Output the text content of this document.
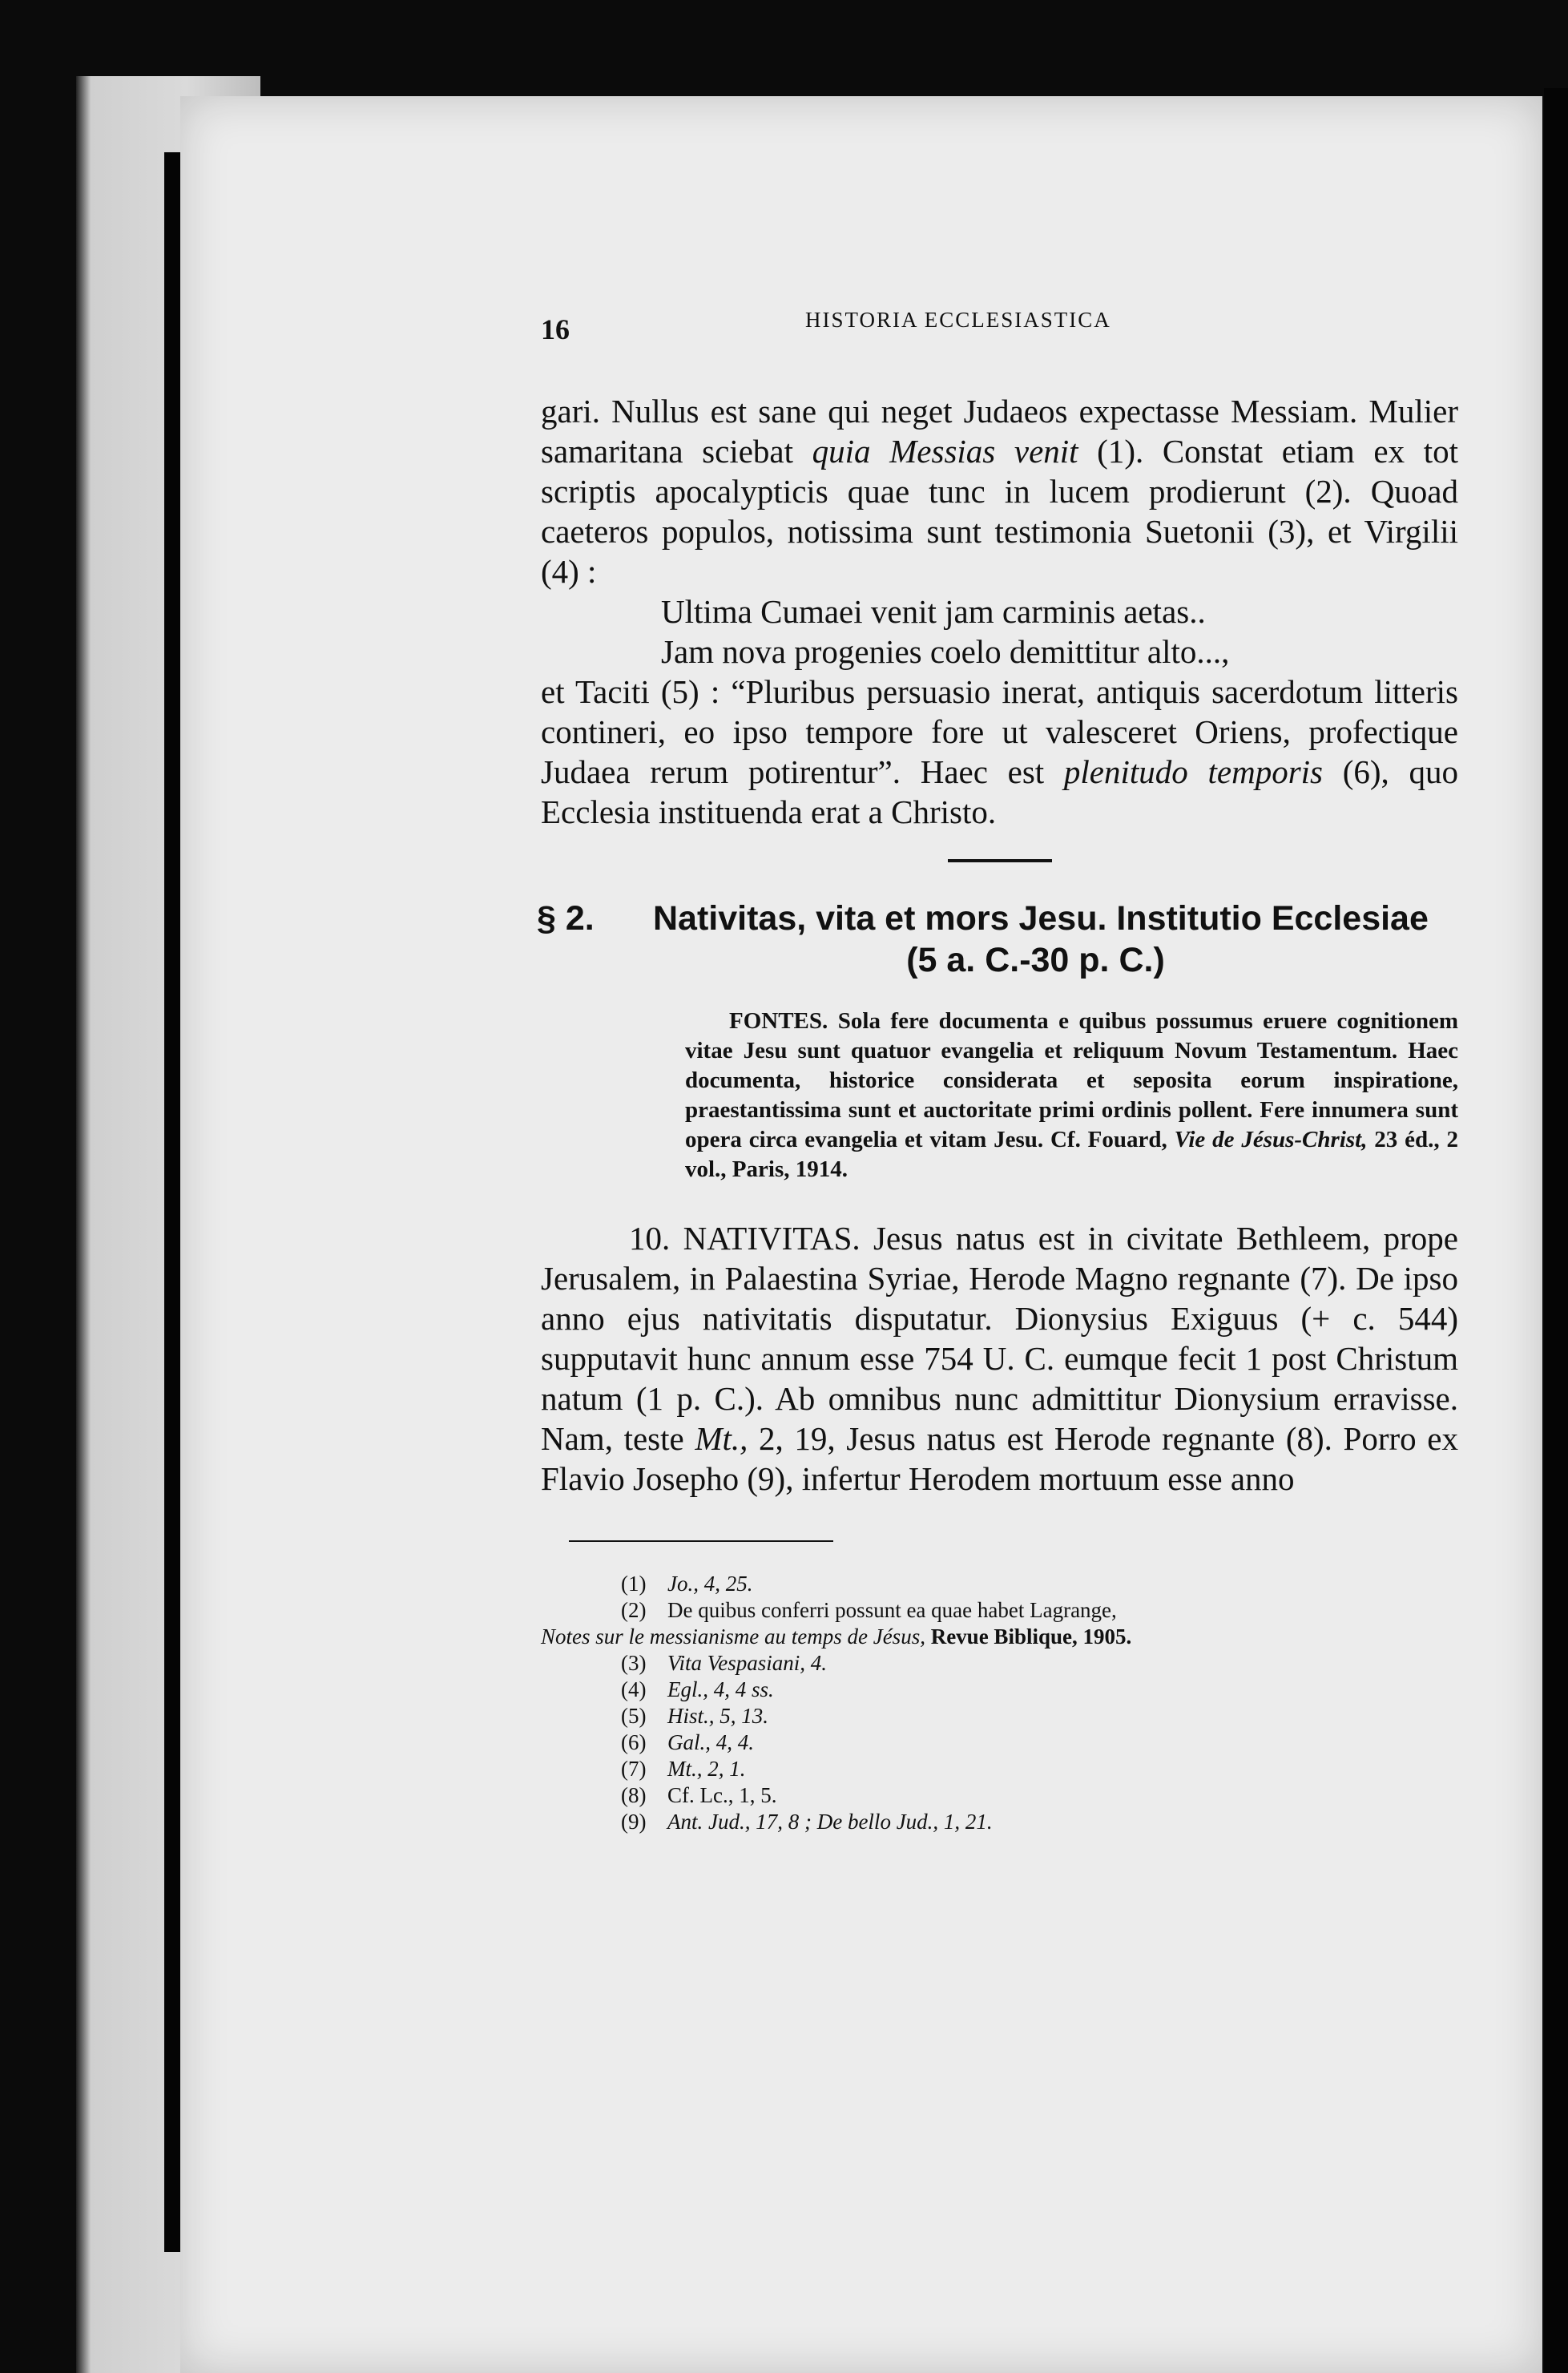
16	HISTORIA ECCLESIASTICA

gari. Nullus est sane qui neget Judaeos expectasse Messiam. Mulier samaritana sciebat quia Messias venit (1). Constat etiam ex tot scriptis apocalypticis quae tunc in lucem prodierunt (2). Quoad caeteros populos, notissima sunt testimonia Suetonii (3), et Virgilii (4) :

Ultima Cumaei venit jam carminis aetas..
Jam nova progenies coelo demittitur alto...,

et Taciti (5) : “Pluribus persuasio inerat, antiquis sacerdotum litteris contineri, eo ipso tempore fore ut valesceret Oriens, profectique Judaea rerum potirentur”. Haec est plenitudo temporis (6), quo Ecclesia instituenda erat a Christo.

§ 2. Nativitas, vita et mors Jesu. Institutio Ecclesiae
(5 a. C.-30 p. C.)

FONTES. Sola fere documenta e quibus possumus eruere cognitionem vitae Jesu sunt quatuor evangelia et reliquum Novum Testamentum. Haec documenta, historice considerata et seposita eorum inspiratione, praestantissima sunt et auctoritate primi ordinis pollent. Fere innumera sunt opera circa evangelia et vitam Jesu. Cf. Fouard, Vie de Jésus-Christ, 23 éd., 2 vol., Paris, 1914.

10. NATIVITAS. Jesus natus est in civitate Bethleem, prope Jerusalem, in Palaestina Syriae, Herode Magno regnante (7). De ipso anno ejus nativitatis disputatur. Dionysius Exiguus (+ c. 544) supputavit hunc annum esse 754 U. C. eumque fecit 1 post Christum natum (1 p. C.). Ab omnibus nunc admittitur Dionysium erravisse. Nam, teste Mt., 2, 19, Jesus natus est Herode regnante (8). Porro ex Flavio Josepho (9), infertur Herodem mortuum esse anno

(1) Jo., 4, 25.
(2) De quibus conferri possunt ea quae habet Lagrange,
Notes sur le messianisme au temps de Jésus, Revue Biblique, 1905.
(3) Vita Vespasiani, 4.
(4) Egl., 4, 4 ss.
(5) Hist., 5, 13.
(6) Gal., 4, 4.
(7) Mt., 2, 1.
(8) Cf. Lc., 1, 5.
(9) Ant. Jud., 17, 8 ; De bello Jud., 1, 21.
